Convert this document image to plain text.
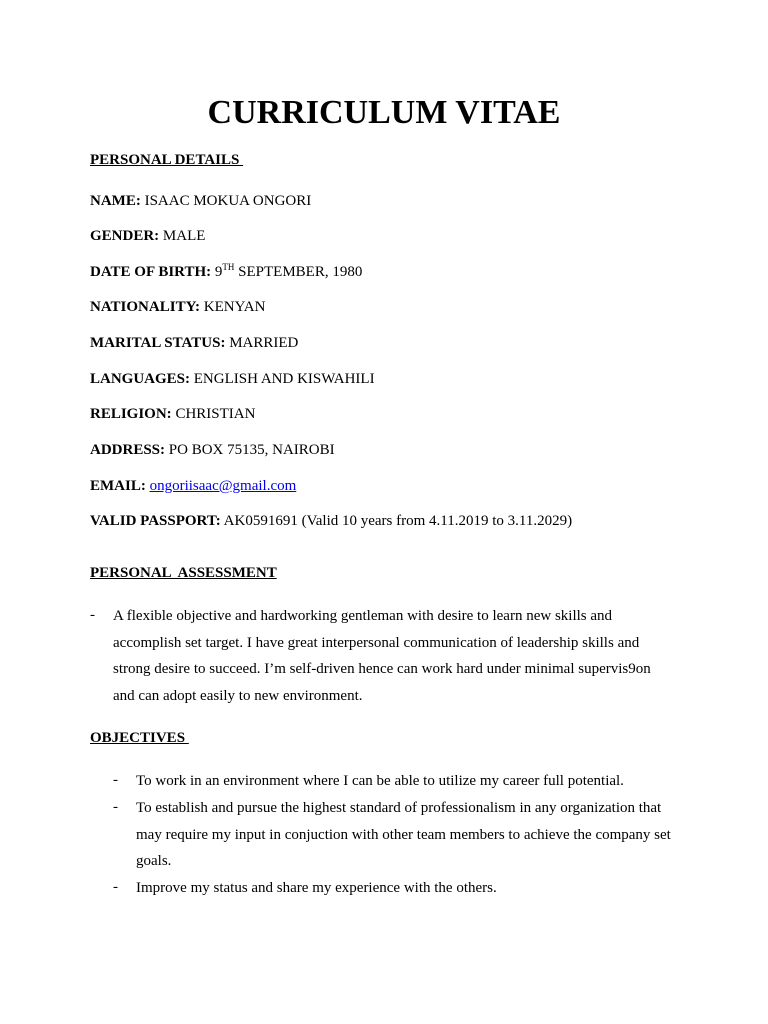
CURRICULUM VITAE
PERSONAL DETAILS
NAME: ISAAC MOKUA ONGORI
GENDER: MALE
DATE OF BIRTH: 9TH SEPTEMBER, 1980
NATIONALITY: KENYAN
MARITAL STATUS: MARRIED
LANGUAGES: ENGLISH AND KISWAHILI
RELIGION: CHRISTIAN
ADDRESS: PO BOX 75135, NAIROBI
EMAIL: ongoriisaac@gmail.com
VALID PASSPORT: AK0591691 (Valid 10 years from 4.11.2019 to 3.11.2029)
PERSONAL  ASSESSMENT
- A flexible objective and hardworking gentleman with desire to learn new skills and accomplish set target. I have great interpersonal communication of leadership skills and strong desire to succeed. I’m self-driven hence can work hard under minimal supervis9on and can adopt easily to new environment.
OBJECTIVES
- To work in an environment where I can be able to utilize my career full potential.
- To establish and pursue the highest standard of professionalism in any organization that may require my input in conjuction with other team members to achieve the company set goals.
- Improve my status and share my experience with the others.
